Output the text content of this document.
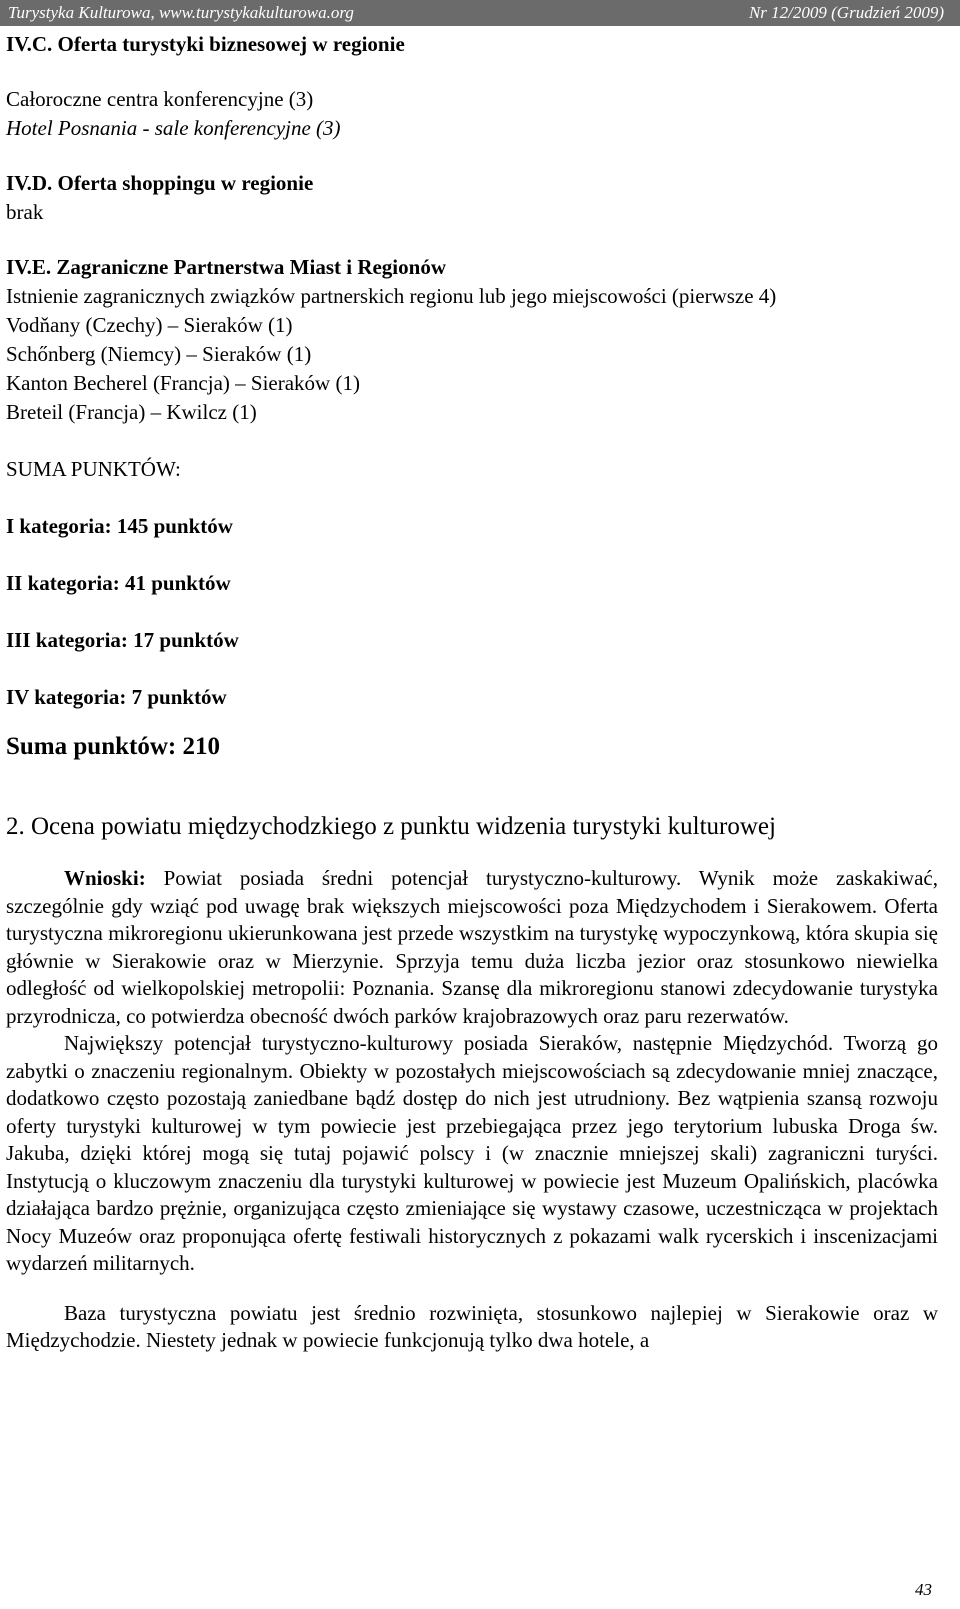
Turystyka Kulturowa, www.turystykakulturowa.org	Nr 12/2009 (Grudzień 2009)
IV.C. Oferta turystyki biznesowej w regionie
Całoroczne centra konferencyjne (3)
Hotel Posnania - sale konferencyjne (3)
IV.D. Oferta shoppingu w regionie
brak
IV.E. Zagraniczne Partnerstwa Miast i Regionów
Istnienie zagranicznych związków partnerskich regionu lub jego miejscowości (pierwsze 4)
Vodňany (Czechy) – Sieraków (1)
Schőnberg (Niemcy) – Sieraków (1)
Kanton Becherel (Francja) – Sieraków (1)
Breteil (Francja) – Kwilcz (1)
SUMA PUNKTÓW:
I kategoria: 145 punktów
II kategoria: 41 punktów
III kategoria: 17 punktów
IV kategoria: 7 punktów
Suma punktów: 210
2. Ocena powiatu międzychodzkiego z punktu widzenia turystyki kulturowej

Wnioski: Powiat posiada średni potencjał turystyczno-kulturowy. Wynik może zaskakiwać, szczególnie gdy wziąć pod uwagę brak większych miejscowości poza Międzychodem i Sierakowem. Oferta turystyczna mikroregionu ukierunkowana jest przede wszystkim na turystykę wypoczynkową, która skupia się głównie w Sierakowie oraz w Mierzynie. Sprzyja temu duża liczba jezior oraz stosunkowo niewielka odległość od wielkopolskiej metropolii: Poznania. Szansę dla mikroregionu stanowi zdecydowanie turystyka przyrodnicza, co potwierdza obecność dwóch parków krajobrazowych oraz paru rezerwatów.

Największy potencjał turystyczno-kulturowy posiada Sieraków, następnie Międzychód. Tworzą go zabytki o znaczeniu regionalnym. Obiekty w pozostałych miejscowościach są zdecydowanie mniej znaczące, dodatkowo często pozostają zaniedbane bądź dostęp do nich jest utrudniony. Bez wątpienia szansą rozwoju oferty turystyki kulturowej w tym powiecie jest przebiegająca przez jego terytorium lubuska Droga św. Jakuba, dzięki której mogą się tutaj pojawić polscy i (w znacznie mniejszej skali) zagraniczni turyści. Instytucją o kluczowym znaczeniu dla turystyki kulturowej w powiecie jest Muzeum Opalińskich, placówka działająca bardzo prężnie, organizująca często zmieniające się wystawy czasowe, uczestnicząca w projektach Nocy Muzeów oraz proponująca ofertę festiwali historycznych z pokazami walk rycerskich i inscenizacjami wydarzeń militarnych.

Baza turystyczna powiatu jest średnio rozwinięta, stosunkowo najlepiej w Sierakowie oraz w Międzychodzie. Niestety jednak w powiecie funkcjonują tylko dwa hotele, a

43
